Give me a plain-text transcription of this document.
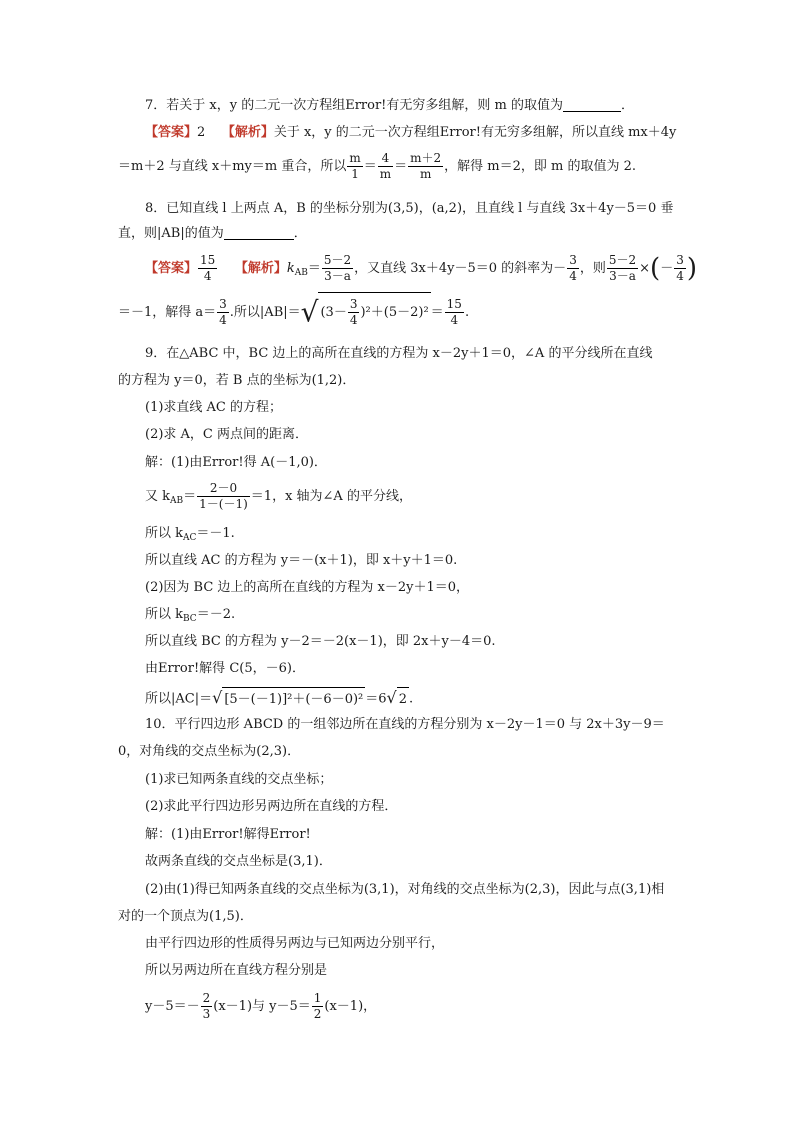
7．若关于 x，y 的二元一次方程组Error!有无穷多组解，则 m 的取值为	．
【答案】2 【解析】关于 x，y 的二元一次方程组Error!有无穷多组解，所以直线 mx＋4y
＝m＋2 与直线 x＋my＝m 重合，所以 $\frac{m}{1} = \frac{4}{m} = \frac{m+2}{m}$ ，解得 m＝2，即 m 的取值为 2.
8．已知直线 l 上两点 A，B 的坐标分别为(3,5)，(a,2)，且直线 l 与直线 3x＋4y－5＝0 垂
直，则|AB|的值为	．
【答案】 $\frac{15}{4}$ 【解析】$k_{AB}= \frac{5-2}{3-a}$ ，又直线 3x＋4y－5＝0 的斜率为－ $\frac{3}{4}$ ，则 $\frac{5-2}{3-a}$ ×(－ $\frac{3}{4}$ )
＝－1，解得 $a= \frac{3}{4}$ .所以|AB|＝√ $(3- \frac{3}{4} )^2+(5-2)^2 = \frac{15}{4}$ .
9．在△ABC 中，BC 边上的高所在直线的方程为 x－2y＋1＝0，∠A 的平分线所在直线
的方程为 y＝0，若 B 点的坐标为(1,2)．
(1)求直线 AC 的方程；
(2)求 A，C 两点间的距离．
解：(1)由Error!得 A(－1,0)．
又 $k_{AB}= \frac{2-0}{1-(-1)} =1$，x 轴为∠A 的平分线，
所以 $k_{AC}=-1$.
所以直线 AC 的方程为 y＝－(x＋1)，即 x＋y＋1＝0.
(2)因为 BC 边上的高所在直线的方程为 x－2y＋1＝0，
所以 $k_{BC}=-2$.
所以直线 BC 的方程为 y－2＝－2(x－1)，即 2x＋y－4＝0.
由Error!解得 C(5，－6)．
所以|AC|＝√ [5－(－1)]²＋(－6－0)² ＝6√ 2 .
10．平行四边形 ABCD 的一组邻边所在直线的方程分别为 x－2y－1＝0 与 2x＋3y－9＝
0，对角线的交点坐标为(2,3)．
(1)求已知两条直线的交点坐标；
(2)求此平行四边形另两边所在直线的方程．
解：(1)由Error!解得Error!
故两条直线的交点坐标是(3,1)．
(2)由(1)得已知两条直线的交点坐标为(3,1)，对角线的交点坐标为(2,3)，因此与点(3,1)相
对的一个顶点为(1,5)．
由平行四边形的性质得另两边与已知两边分别平行，
所以另两边所在直线方程分别是
$y-5=- \frac{2}{3} (x-1)$与 $y-5= \frac{1}{2} (x-1)$，
